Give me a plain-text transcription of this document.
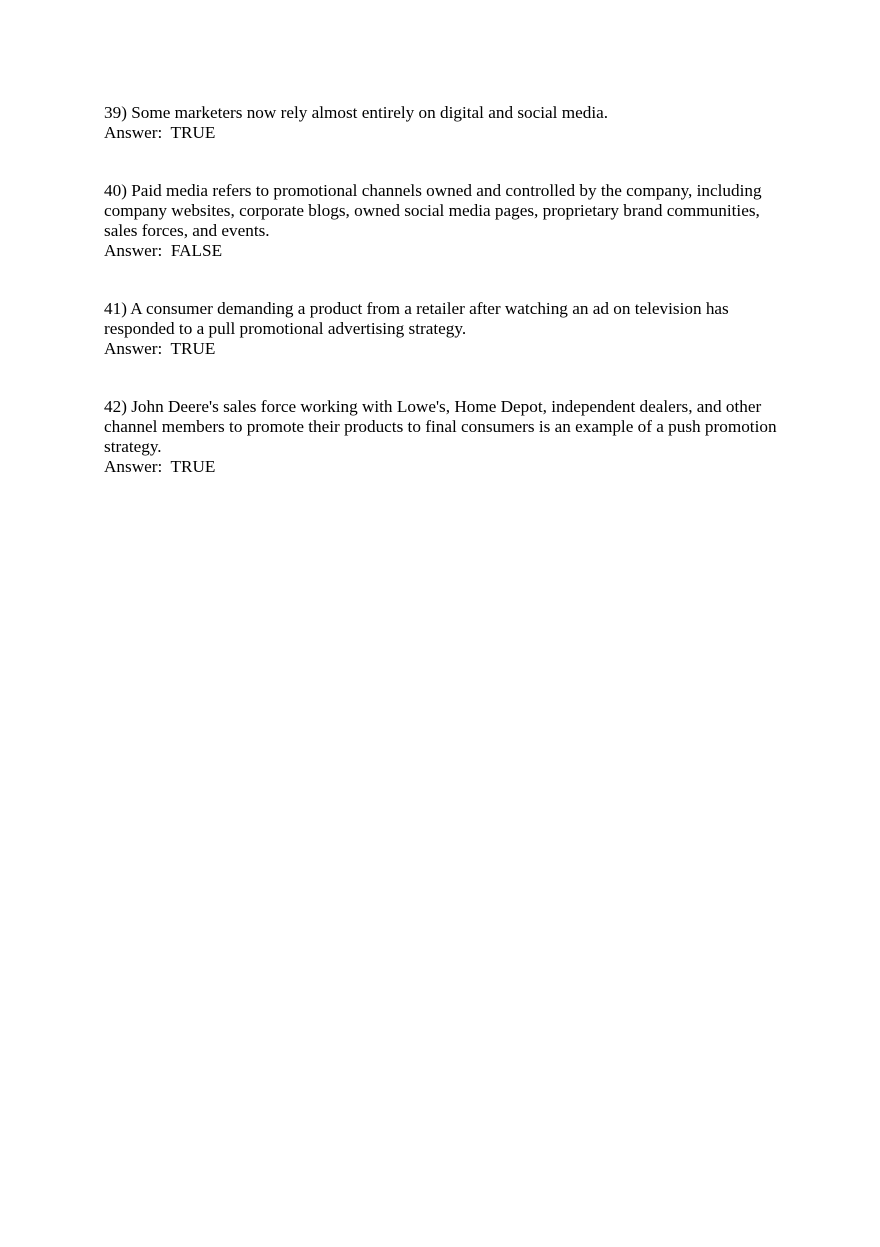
39) Some marketers now rely almost entirely on digital and social media.

Answer:  TRUE

40) Paid media refers to promotional channels owned and controlled by the company, including company websites, corporate blogs, owned social media pages, proprietary brand communities, sales forces, and events.

Answer:  FALSE

41) A consumer demanding a product from a retailer after watching an ad on television has responded to a pull promotional advertising strategy.

Answer:  TRUE

42) John Deere's sales force working with Lowe's, Home Depot, independent dealers, and other channel members to promote their products to final consumers is an example of a push promotion strategy.

Answer:  TRUE
